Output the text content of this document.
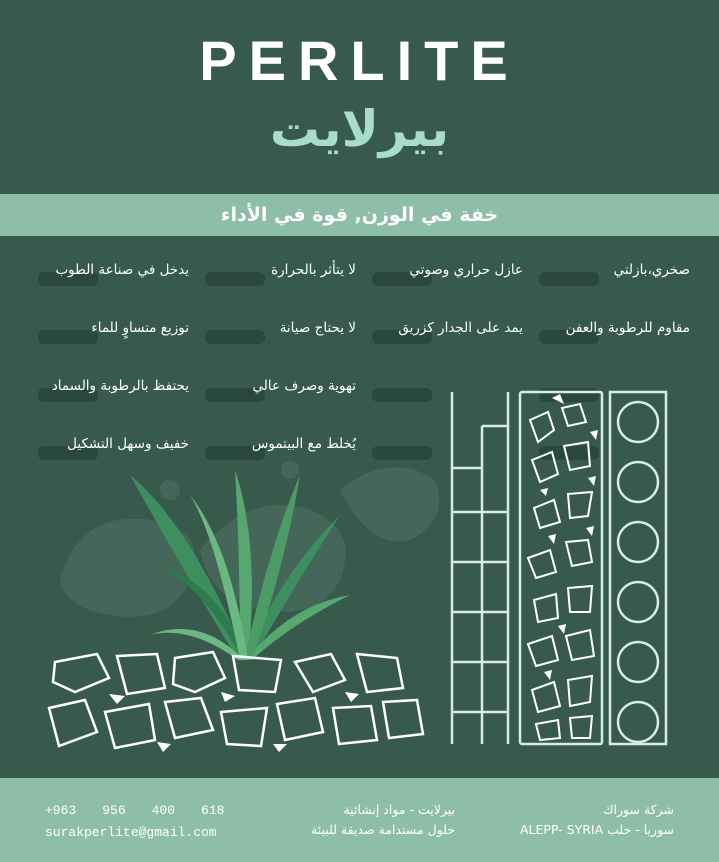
PERLITE
بيرلايت
خفة في الوزن, قوة في الأداء
صخري،بازلتي
عازل حراري وصوتي
لا يتأثر بالحرارة
يدخل في صناعة الطوب
مقاوم للرطوبة والعفن
يمد على الجدار كزريق
لا يحتاج صيانة
توزيع متساوٍ للماء
تهوية وصرف عالي
يحتفظ بالرطوبة والسماد
يُخلط مع البيتموس
خفيف وسهل التشكيل
+963 956 400 618
surakperlite@gmail.com
بيرلايت - مواد إنشائية
حلول مستدامة صديقة للبيئة
شركة سوراك
سوريا - حلب ALEPP- SYRIA
